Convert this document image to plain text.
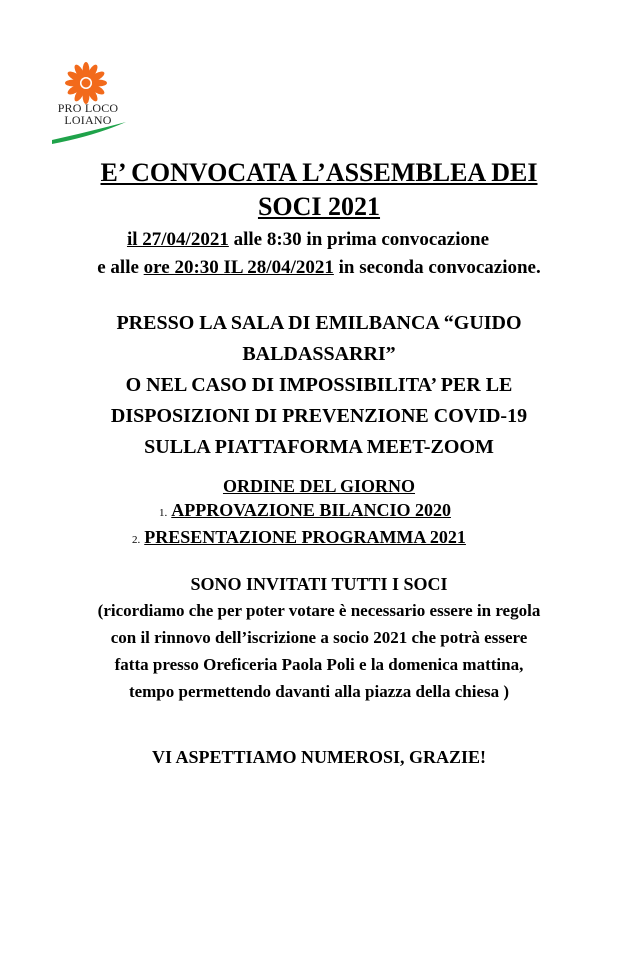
PRO LOCO
LOIANO
E’ CONVOCATA L’ASSEMBLEA DEI
SOCI 2021
il 27/04/2021 alle 8:30 in prima convocazione
e alle ore 20:30 IL 28/04/2021 in seconda convocazione.
PRESSO LA SALA DI EMILBANCA “GUIDO
BALDASSARRI”
O NEL CASO DI IMPOSSIBILITA’ PER LE
DISPOSIZIONI DI PREVENZIONE COVID-19
SULLA PIATTAFORMA MEET-ZOOM
ORDINE DEL GIORNO
1. APPROVAZIONE BILANCIO 2020
2. PRESENTAZIONE PROGRAMMA 2021
SONO INVITATI TUTTI I SOCI
(ricordiamo che per poter votare è necessario essere in regola
con il rinnovo dell’iscrizione a socio 2021 che potrà essere
fatta presso Oreficeria Paola Poli e la domenica mattina,
tempo permettendo davanti alla piazza della chiesa )
VI ASPETTIAMO NUMEROSI, GRAZIE!
